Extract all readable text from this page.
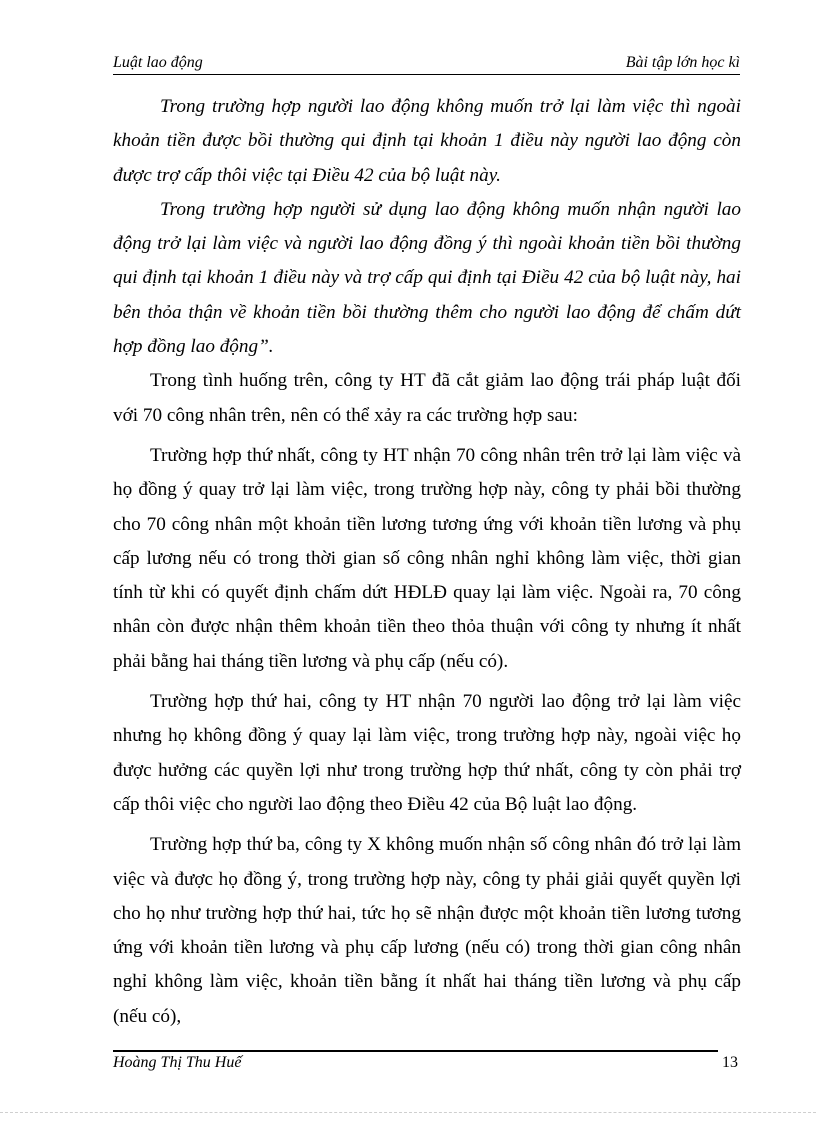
Luật lao động	Bài tập lớn học kì

Trong trường hợp người lao động không muốn trở lại làm việc thì ngoài khoản tiền được bồi thường qui định tại khoản 1 điều này người lao động còn được trợ cấp thôi việc tại Điều 42 của bộ luật này.

Trong trường hợp người sử dụng lao động không muốn nhận người lao động trở lại làm việc và người lao động đồng ý thì ngoài khoản tiền bồi thường qui định tại khoản 1 điều này và trợ cấp qui định tại Điều 42 của bộ luật này, hai bên thỏa thận về khoản tiền bồi thường thêm cho người lao động để chấm dứt hợp đồng lao động”.

Trong tình huống trên, công ty HT đã cắt giảm lao động trái pháp luật đối với 70 công nhân trên, nên có thể xảy ra các trường hợp sau:

Trường hợp thứ nhất, công ty HT nhận 70 công nhân trên trở lại làm việc và họ đồng ý quay trở lại làm việc, trong trường hợp này, công ty phải bồi thường cho 70 công nhân một khoản tiền lương tương ứng với khoản tiền lương và phụ cấp lương nếu có trong thời gian số công nhân nghỉ không làm việc, thời gian tính từ khi có quyết định chấm dứt HĐLĐ quay lại làm việc. Ngoài ra, 70 công nhân còn được nhận thêm khoản tiền theo thỏa thuận với công ty nhưng ít nhất phải bằng hai tháng tiền lương và phụ cấp (nếu có).

Trường hợp thứ hai, công ty HT nhận 70 người lao động trở lại làm việc nhưng họ không đồng ý quay lại làm việc, trong trường hợp này, ngoài việc họ được hưởng các quyền lợi như trong trường hợp thứ nhất, công ty còn phải trợ cấp thôi việc cho người lao động theo Điều 42 của Bộ luật lao động.

Trường hợp thứ ba, công ty X không muốn nhận số công nhân đó trở lại làm việc và được họ đồng ý, trong trường hợp này, công ty phải giải quyết quyền lợi cho họ như trường hợp thứ hai, tức họ sẽ nhận được một khoản tiền lương tương ứng với khoản tiền lương và phụ cấp lương (nếu có) trong thời gian công nhân nghỉ không làm việc, khoản tiền bằng ít nhất hai tháng tiền lương và phụ cấp (nếu có),

Hoàng Thị Thu Huế	13
